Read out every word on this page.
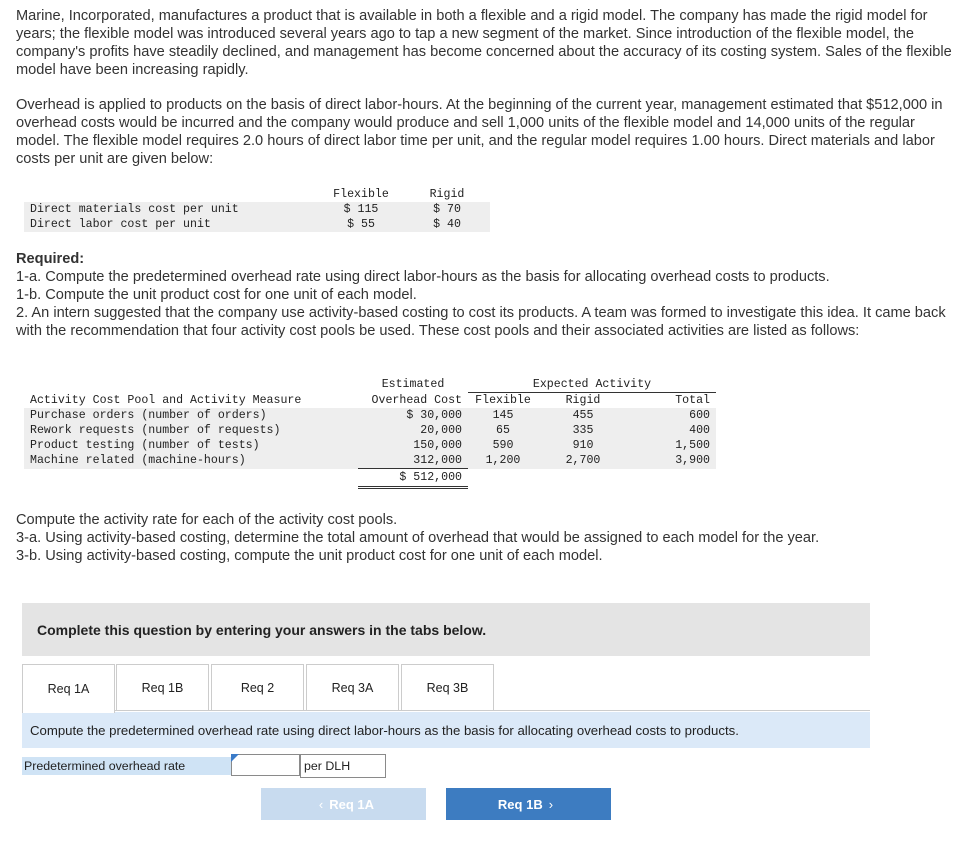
Marine, Incorporated, manufactures a product that is available in both a flexible and a rigid model. The company has made the rigid model for years; the flexible model was introduced several years ago to tap a new segment of the market. Since introduction of the flexible model, the company's profits have steadily declined, and management has become concerned about the accuracy of its costing system. Sales of the flexible model have been increasing rapidly.
Overhead is applied to products on the basis of direct labor-hours. At the beginning of the current year, management estimated that $512,000 in overhead costs would be incurred and the company would produce and sell 1,000 units of the flexible model and 14,000 units of the regular model. The flexible model requires 2.0 hours of direct labor time per unit, and the regular model requires 1.00 hours. Direct materials and labor costs per unit are given below:
	Flexible	Rigid
Direct materials cost per unit	$ 115	$ 70
Direct labor cost per unit	$ 55	$ 40
Required:
1-a. Compute the predetermined overhead rate using direct labor-hours as the basis for allocating overhead costs to products.
1-b. Compute the unit product cost for one unit of each model.
2. An intern suggested that the company use activity-based costing to cost its products. A team was formed to investigate this idea. It came back with the recommendation that four activity cost pools be used. These cost pools and their associated activities are listed as follows:
	Estimated	Expected Activity		
Activity Cost Pool and Activity Measure	Overhead Cost	Flexible	Rigid	Total
Purchase orders (number of orders)	$ 30,000	145	455	600
Rework requests (number of requests)	20,000	65	335	400
Product testing (number of tests)	150,000	590	910	1,500
Machine related (machine-hours)	312,000	1,200	2,700	3,900
	$ 512,000			
Compute the activity rate for each of the activity cost pools.
3-a. Using activity-based costing, determine the total amount of overhead that would be assigned to each model for the year.
3-b. Using activity-based costing, compute the unit product cost for one unit of each model.
Complete this question by entering your answers in the tabs below.
Req 1A	Req 1B	Req 2	Req 3A	Req 3B
Compute the predetermined overhead rate using direct labor-hours as the basis for allocating overhead costs to products.
Predetermined overhead rate	per DLH
‹ Req 1A	Req 1B ›
